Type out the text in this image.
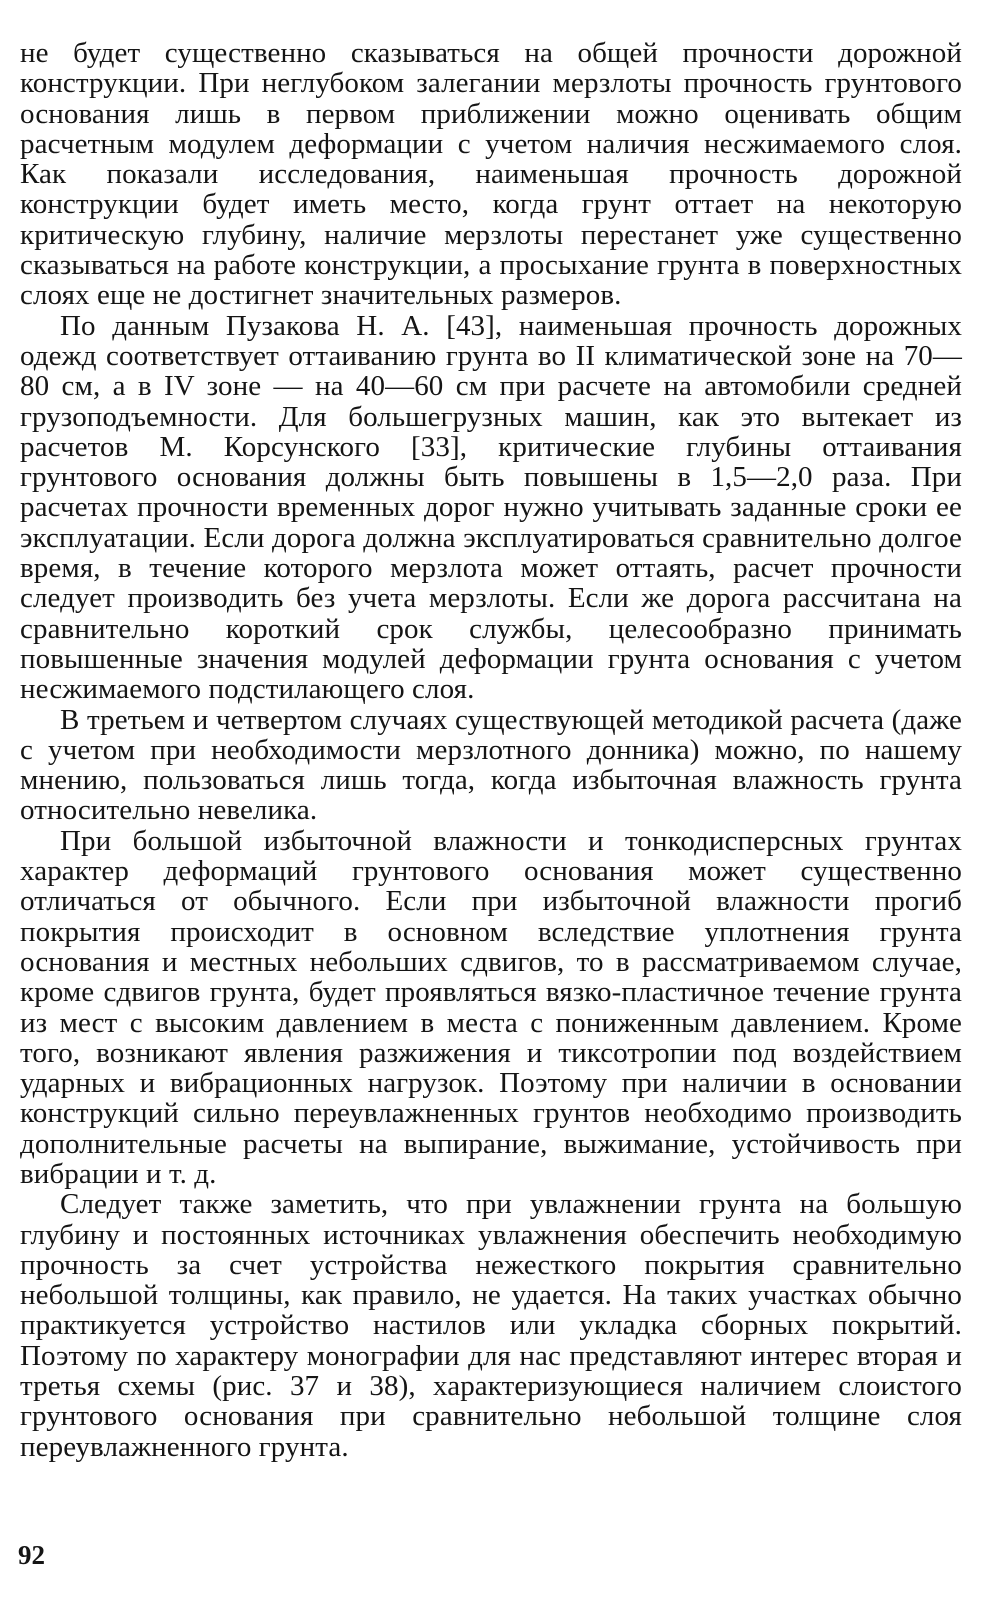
не будет существенно сказываться на общей прочности дорожной конструкции. При неглубоком залегании мерзлоты прочность грунтового основания лишь в первом приближении можно оценивать общим расчетным модулем деформации с учетом наличия несжимаемого слоя. Как показали исследования, наименьшая прочность дорожной конструкции будет иметь место, когда грунт оттает на некоторую критическую глубину, наличие мерзлоты перестанет уже существенно сказываться на работе конструкции, а просыхание грунта в поверхностных слоях еще не достигнет значительных размеров.

По данным Пузакова Н. А. [43], наименьшая прочность дорожных одежд соответствует оттаиванию грунта во II климатической зоне на 70—80 см, а в IV зоне — на 40—60 см при расчете на автомобили средней грузоподъемности. Для большегрузных машин, как это вытекает из расчетов М. Корсунского [33], критические глубины оттаивания грунтового основания должны быть повышены в 1,5—2,0 раза. При расчетах прочности временных дорог нужно учитывать заданные сроки ее эксплуатации. Если дорога должна эксплуатироваться сравнительно долгое время, в течение которого мерзлота может оттаять, расчет прочности следует производить без учета мерзлоты. Если же дорога рассчитана на сравнительно короткий срок службы, целесообразно принимать повышенные значения модулей деформации грунта основания с учетом несжимаемого подстилающего слоя.

В третьем и четвертом случаях существующей методикой расчета (даже с учетом при необходимости мерзлотного донника) можно, по нашему мнению, пользоваться лишь тогда, когда избыточная влажность грунта относительно невелика.

При большой избыточной влажности и тонкодисперсных грунтах характер деформаций грунтового основания может существенно отличаться от обычного. Если при избыточной влажности прогиб покрытия происходит в основном вследствие уплотнения грунта основания и местных небольших сдвигов, то в рассматриваемом случае, кроме сдвигов грунта, будет проявляться вязко-пластичное течение грунта из мест с высоким давлением в места с пониженным давлением. Кроме того, возникают явления разжижения и тиксотропии под воздействием ударных и вибрационных нагрузок. Поэтому при наличии в основании конструкций сильно переувлажненных грунтов необходимо производить дополнительные расчеты на выпирание, выжимание, устойчивость при вибрации и т. д.

Следует также заметить, что при увлажнении грунта на большую глубину и постоянных источниках увлажнения обеспечить необходимую прочность за счет устройства нежесткого покрытия сравнительно небольшой толщины, как правило, не удается. На таких участках обычно практикуется устройство настилов или укладка сборных покрытий. Поэтому по характеру монографии для нас представляют интерес вторая и третья схемы (рис. 37 и 38), характеризующиеся наличием слоистого грунтового основания при сравнительно небольшой толщине слоя переувлажненного грунта.

92
